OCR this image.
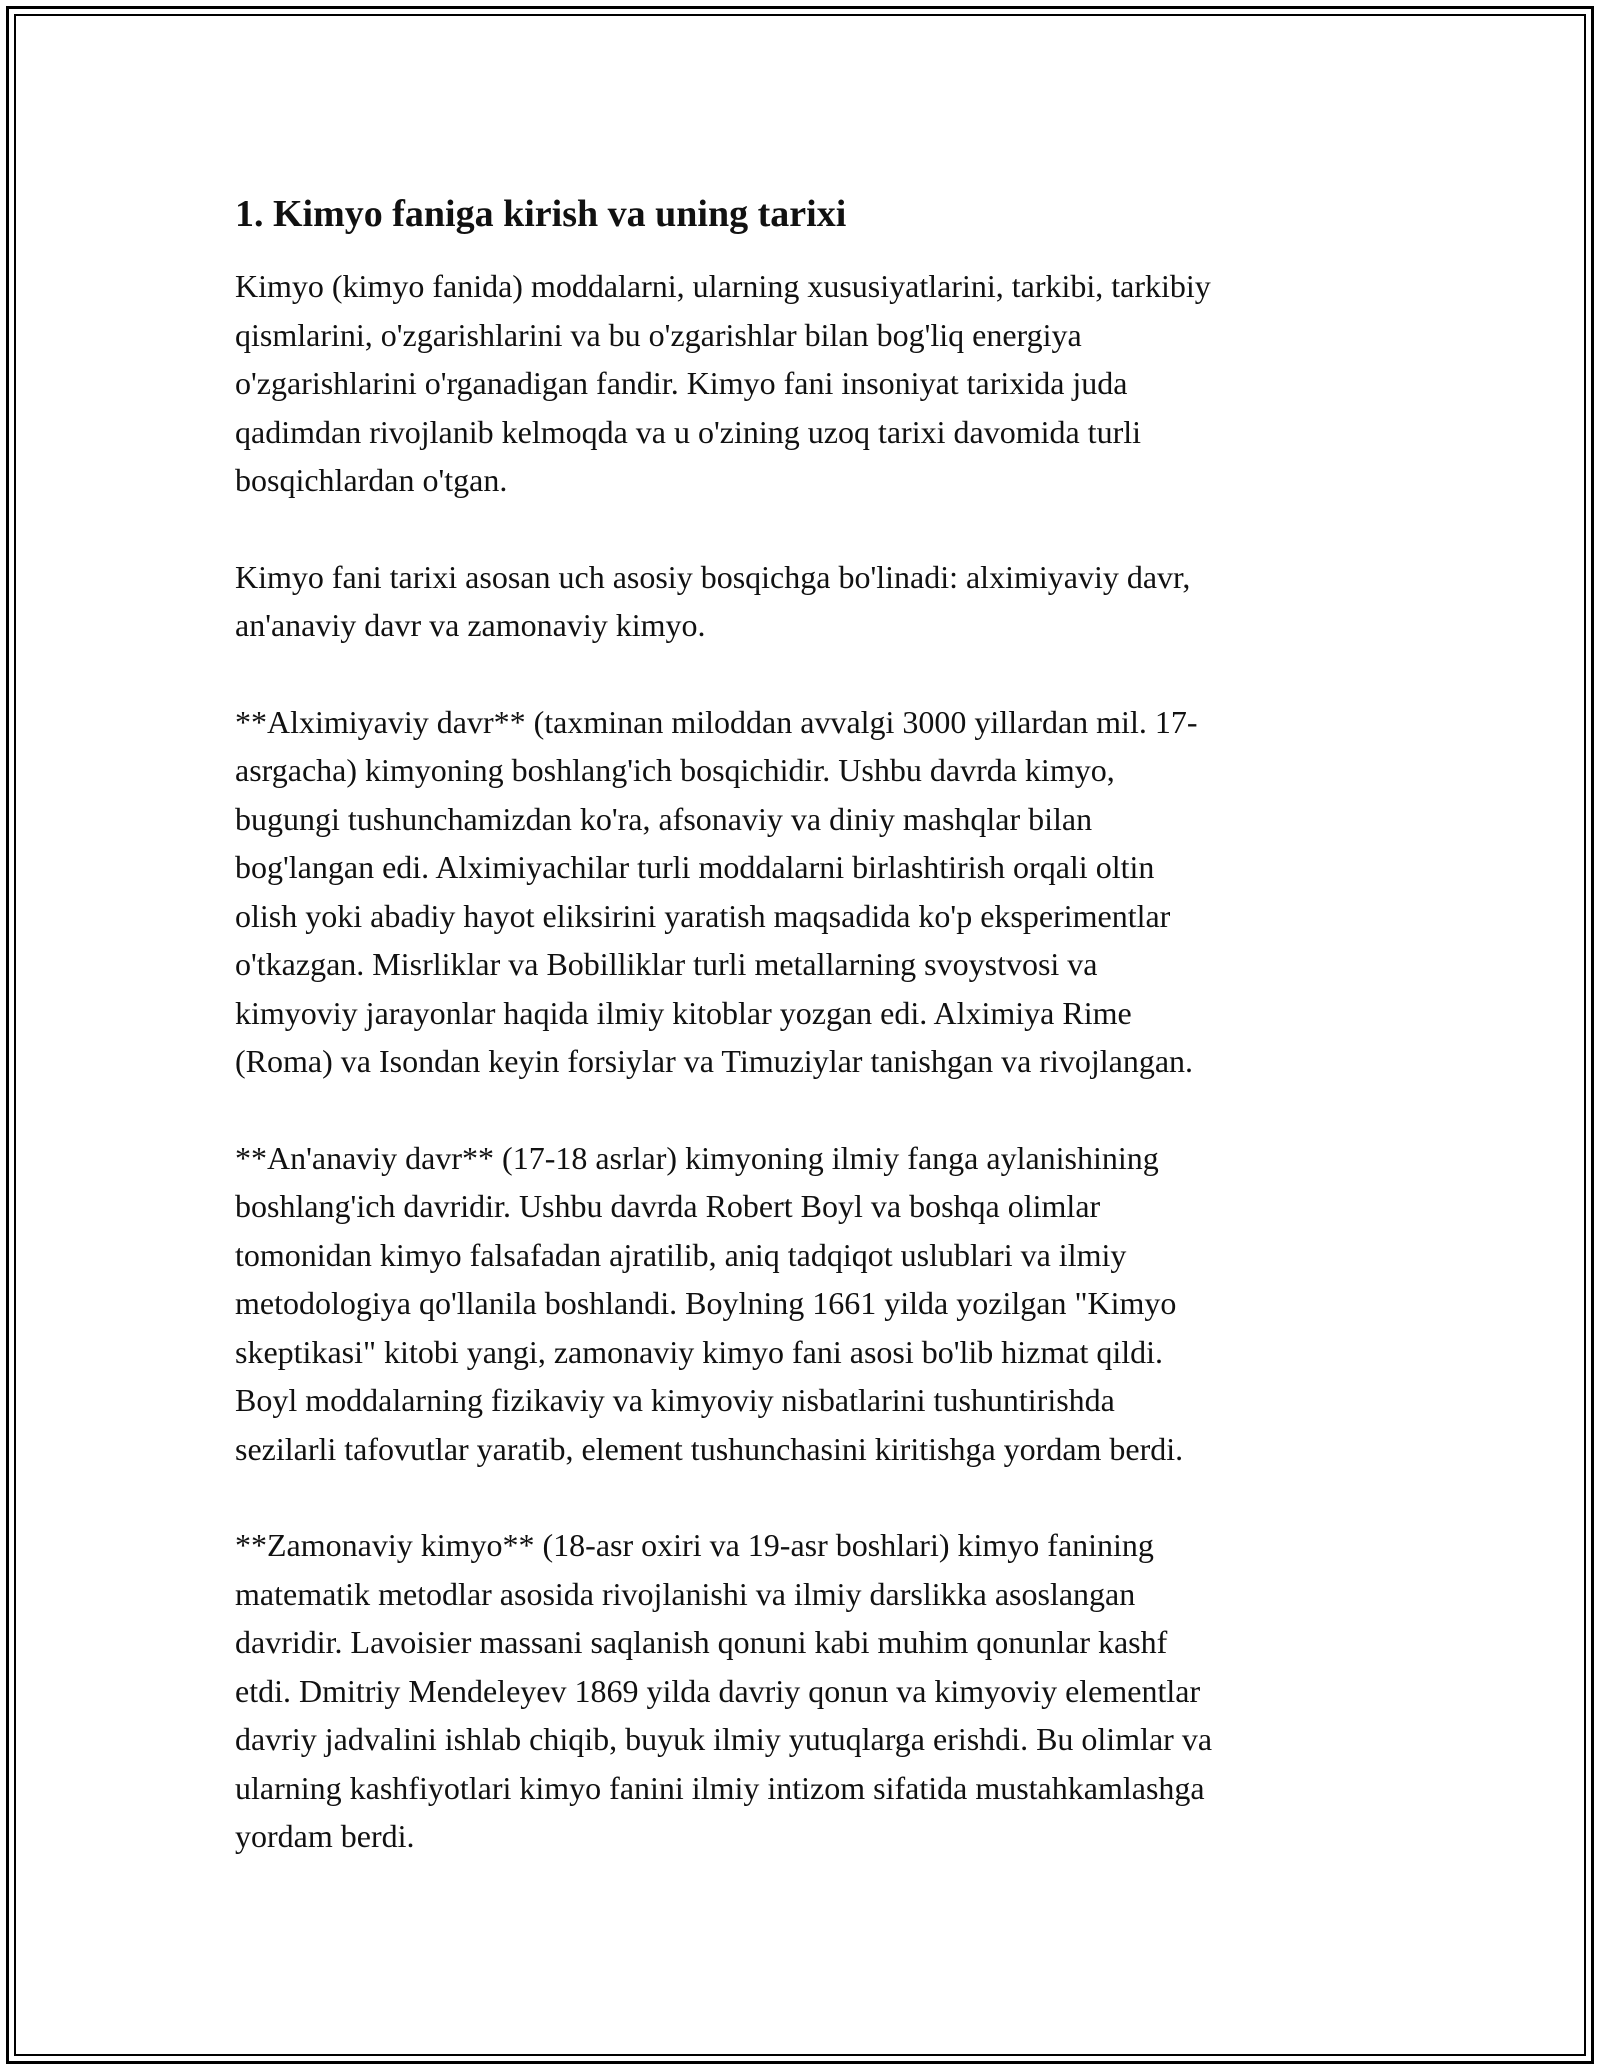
1. Kimyo faniga kirish va uning tarixi

Kimyo (kimyo fanida) moddalarni, ularning xususiyatlarini, tarkibi, tarkibiy
qismlarini, o'zgarishlarini va bu o'zgarishlar bilan bog'liq energiya
o'zgarishlarini o'rganadigan fandir. Kimyo fani insoniyat tarixida juda
qadimdan rivojlanib kelmoqda va u o'zining uzoq tarixi davomida turli
bosqichlardan o'tgan.

Kimyo fani tarixi asosan uch asosiy bosqichga bo'linadi: alximiyaviy davr,
an'anaviy davr va zamonaviy kimyo.

**Alximiyaviy davr** (taxminan miloddan avvalgi 3000 yillardan mil. 17-
asrgacha) kimyoning boshlang'ich bosqichidir. Ushbu davrda kimyo,
bugungi tushunchamizdan ko'ra, afsonaviy va diniy mashqlar bilan
bog'langan edi. Alximiyachilar turli moddalarni birlashtirish orqali oltin
olish yoki abadiy hayot eliksirini yaratish maqsadida ko'p eksperimentlar
o'tkazgan. Misrliklar va Bobilliklar turli metallarning svoystvosi va
kimyoviy jarayonlar haqida ilmiy kitoblar yozgan edi. Alximiya Rime
(Roma) va Isondan keyin forsiylar va Timuziylar tanishgan va rivojlangan.

**An'anaviy davr** (17-18 asrlar) kimyoning ilmiy fanga aylanishining
boshlang'ich davridir. Ushbu davrda Robert Boyl va boshqa olimlar
tomonidan kimyo falsafadan ajratilib, aniq tadqiqot uslublari va ilmiy
metodologiya qo'llanila boshlandi. Boylning 1661 yilda yozilgan "Kimyo
skeptikasi" kitobi yangi, zamonaviy kimyo fani asosi bo'lib hizmat qildi.
Boyl moddalarning fizikaviy va kimyoviy nisbatlarini tushuntirishda
sezilarli tafovutlar yaratib, element tushunchasini kiritishga yordam berdi.

**Zamonaviy kimyo** (18-asr oxiri va 19-asr boshlari) kimyo fanining
matematik metodlar asosida rivojlanishi va ilmiy darslikka asoslangan
davridir. Lavoisier massani saqlanish qonuni kabi muhim qonunlar kashf
etdi. Dmitriy Mendeleyev 1869 yilda davriy qonun va kimyoviy elementlar
davriy jadvalini ishlab chiqib, buyuk ilmiy yutuqlarga erishdi. Bu olimlar va
ularning kashfiyotlari kimyo fanini ilmiy intizom sifatida mustahkamlashga
yordam berdi.
